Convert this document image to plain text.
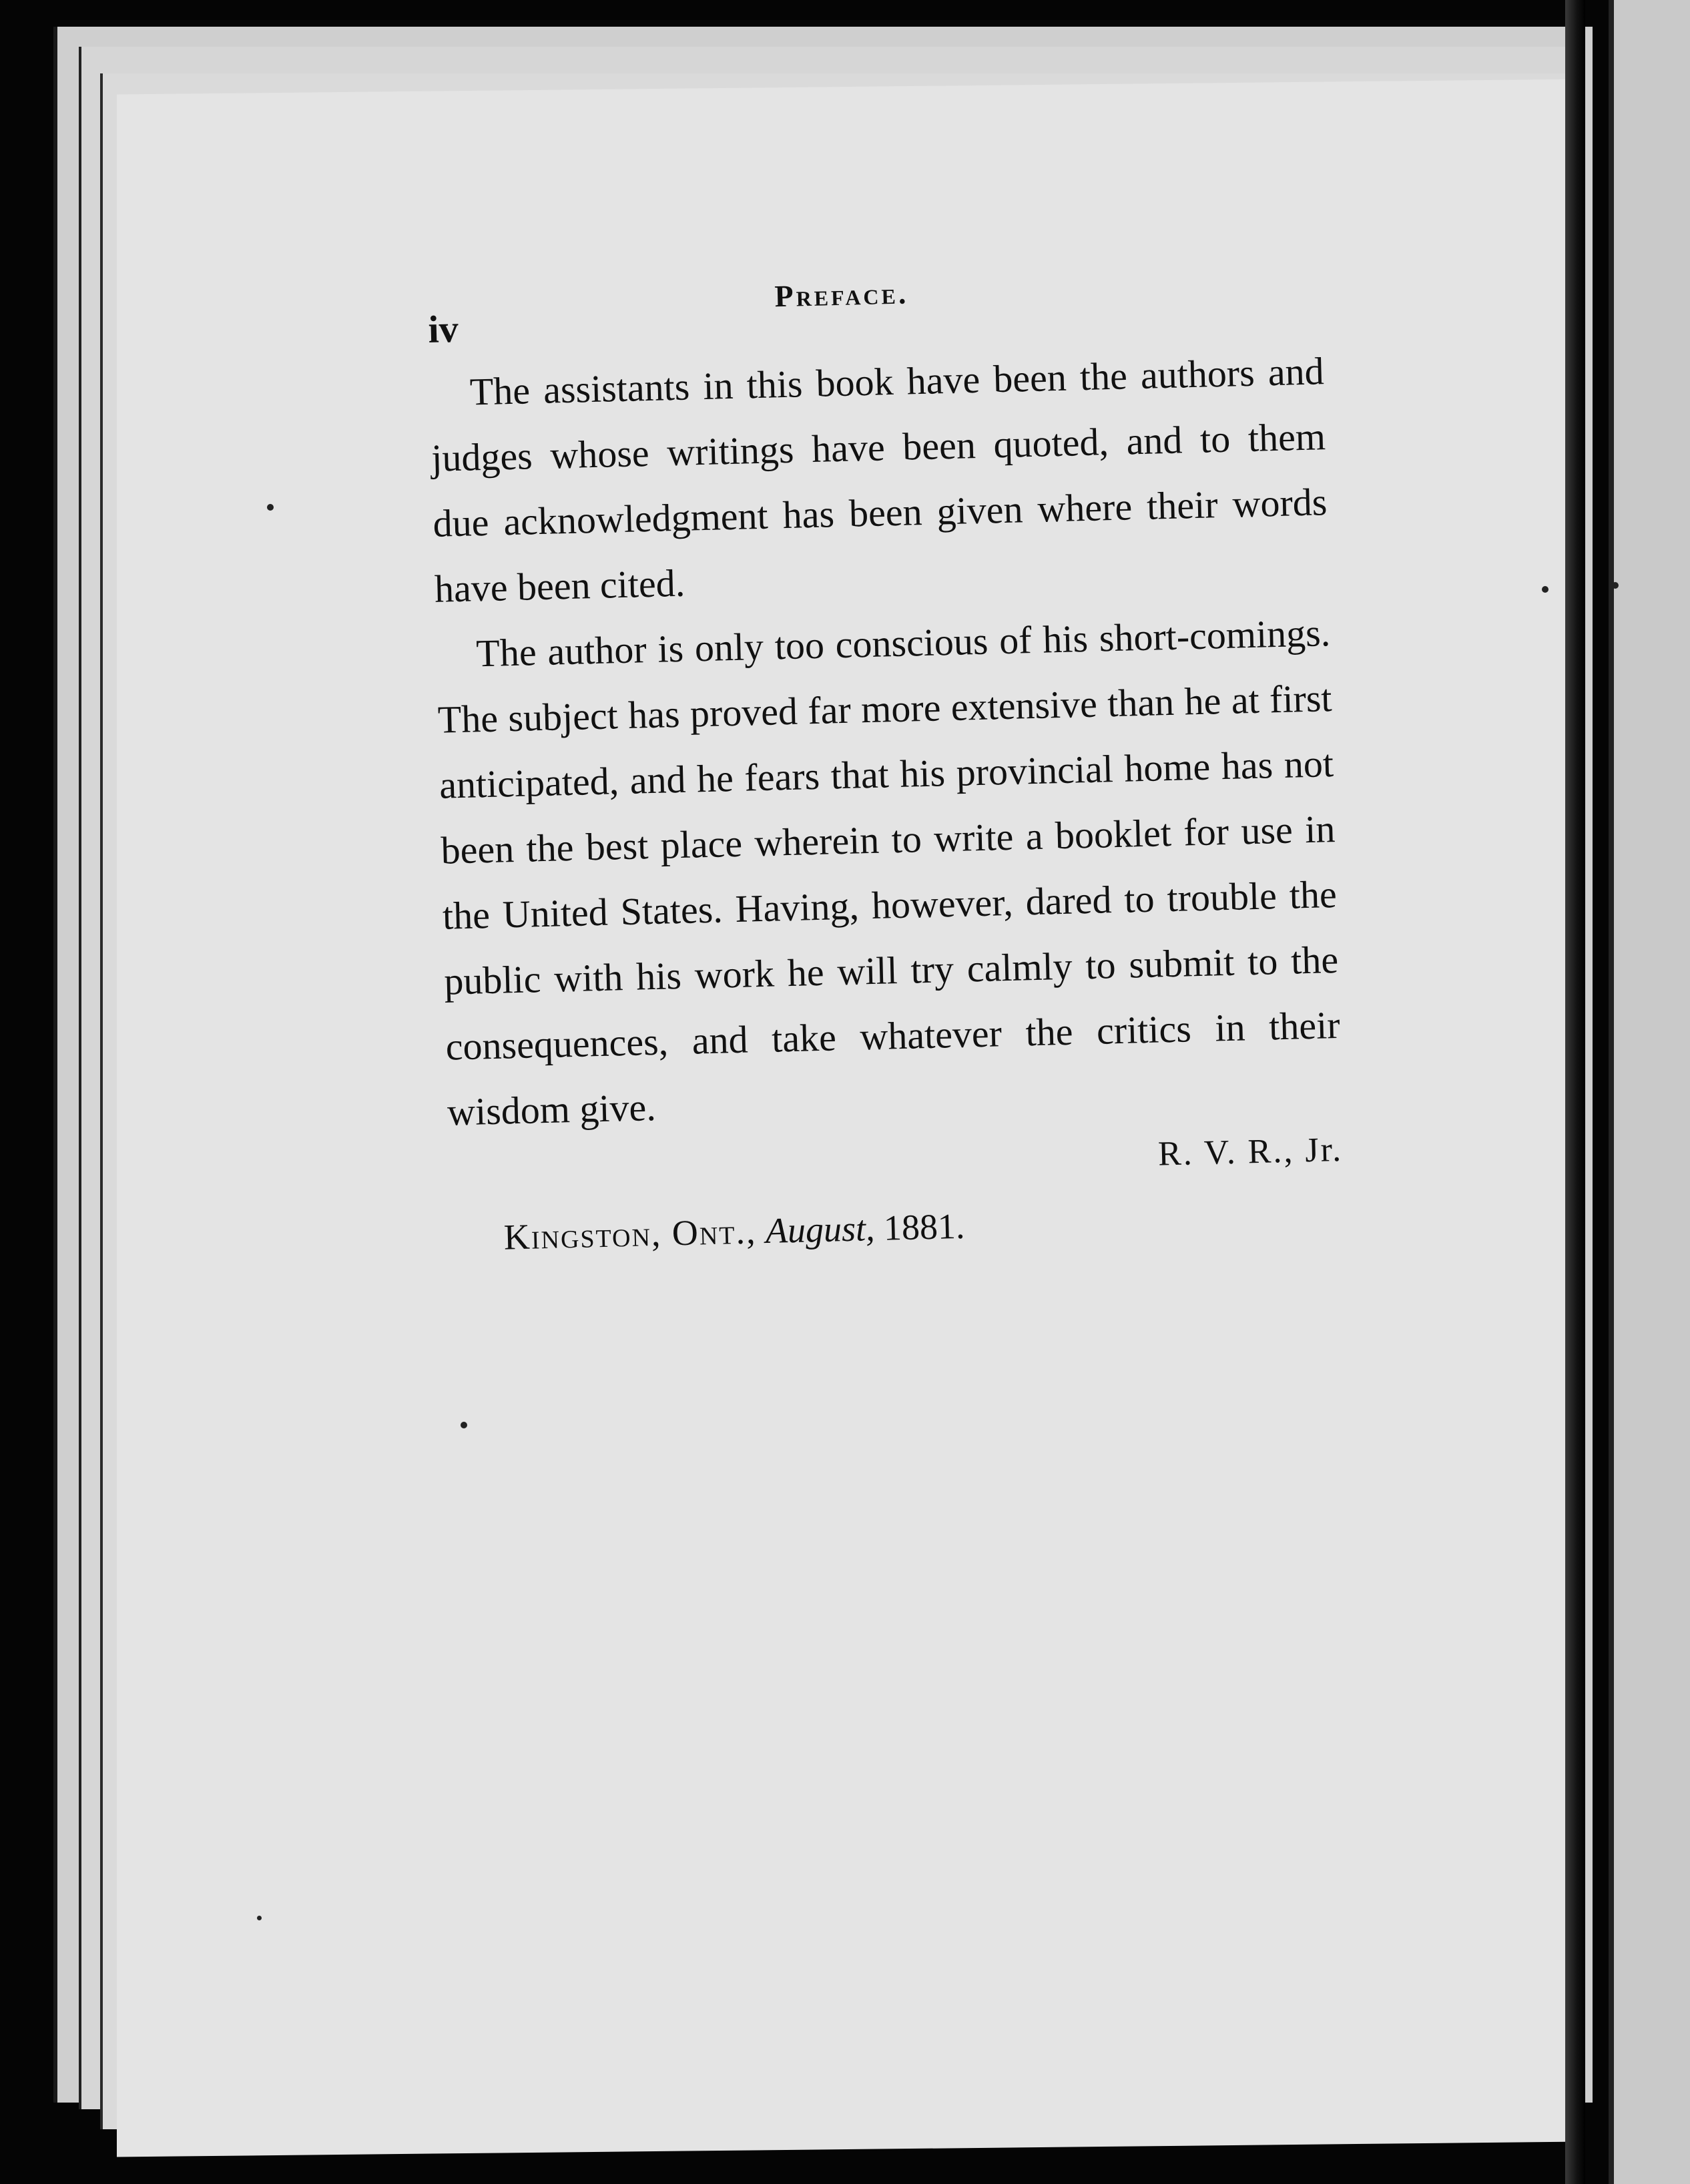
iv
Preface.

The assistants in this book have been the authors and judges whose writings have been quoted, and to them due acknowledgment has been given where their words have been cited.

The author is only too conscious of his short-comings. The subject has proved far more extensive than he at first anticipated, and he fears that his provincial home has not been the best place wherein to write a booklet for use in the United States. Having, however, dared to trouble the public with his work he will try calmly to submit to the consequences, and take whatever the critics in their wisdom give.

R. V. R., Jr.
Kingston, Ont., August, 1881.
